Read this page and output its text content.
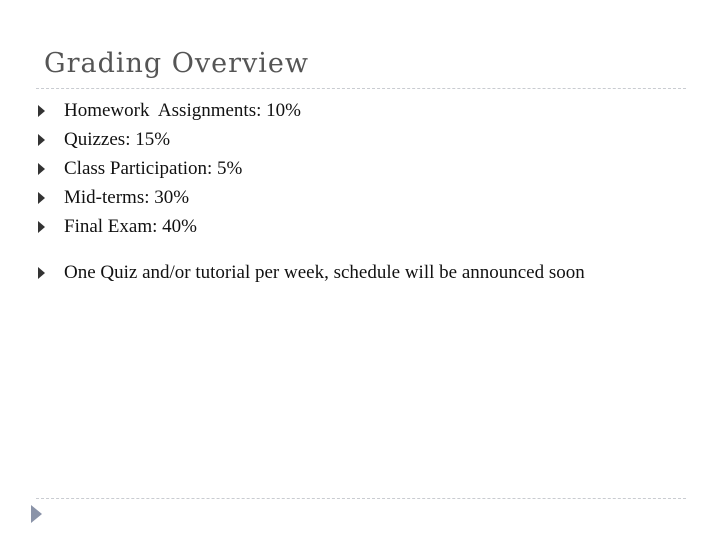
Grading Overview
Homework  Assignments: 10%
Quizzes: 15%
Class Participation: 5%
Mid-terms: 30%
Final Exam: 40%
One Quiz and/or tutorial per week, schedule will be announced soon
